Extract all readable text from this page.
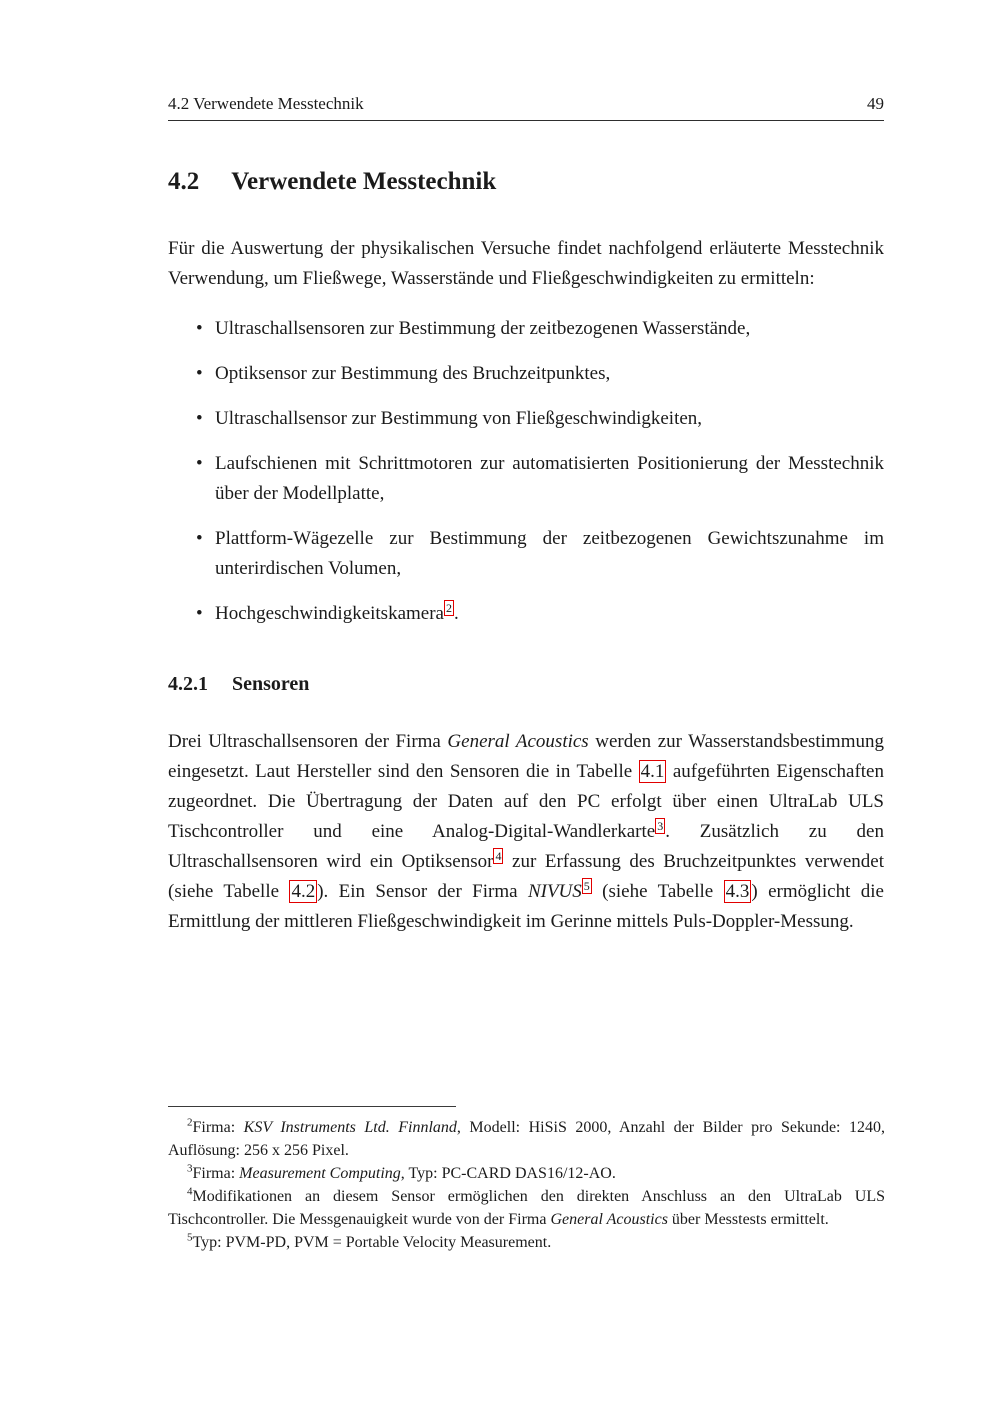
4.2 Verwendete Messtechnik	49
4.2 Verwendete Messtechnik

Für die Auswertung der physikalischen Versuche findet nachfolgend erläuterte Messtechnik Verwendung, um Fließwege, Wasserstände und Fließgeschwindigkeiten zu ermitteln:

• Ultraschallsensoren zur Bestimmung der zeitbezogenen Wasserstände,
• Optiksensor zur Bestimmung des Bruchzeitpunktes,
• Ultraschallsensor zur Bestimmung von Fließgeschwindigkeiten,
• Laufschienen mit Schrittmotoren zur automatisierten Positionierung der Messtechnik über der Modellplatte,
• Plattform-Wägezelle zur Bestimmung der zeitbezogenen Gewichtszunahme im unterirdischen Volumen,
• Hochgeschwindigkeitskamera $^2$ .
4.2.1 Sensoren

Drei Ultraschallsensoren der Firma General Acoustics werden zur Wasserstandsbestimmung eingesetzt. Laut Hersteller sind den Sensoren die in Tabelle 4.1 aufgeführten Eigenschaften zugeordnet. Die Übertragung der Daten auf den PC erfolgt über einen UltraLab ULS Tischcontroller und eine Analog-Digital-Wandlerkarte $^3$ . Zusätzlich zu den Ultraschallsensoren wird ein Optiksensor $^4$ zur Erfassung des Bruchzeitpunktes verwendet (siehe Tabelle 4.2 ). Ein Sensor der Firma NIVUS $^5$ (siehe Tabelle 4.3 ) ermöglicht die Ermittlung der mittleren Fließgeschwindigkeit im Gerinne mittels Puls-Doppler-Messung.

$^2$Firma: KSV Instruments Ltd. Finnland, Modell: HiSiS 2000, Anzahl der Bilder pro Sekunde: 1240, Auflösung: 256 x 256 Pixel.

$^3$Firma: Measurement Computing, Typ: PC-CARD DAS16/12-AO.

$^4$Modifikationen an diesem Sensor ermöglichen den direkten Anschluss an den UltraLab ULS Tischcontroller. Die Messgenauigkeit wurde von der Firma General Acoustics über Messtests ermittelt.

$^5$Typ: PVM-PD, PVM = Portable Velocity Measurement.
